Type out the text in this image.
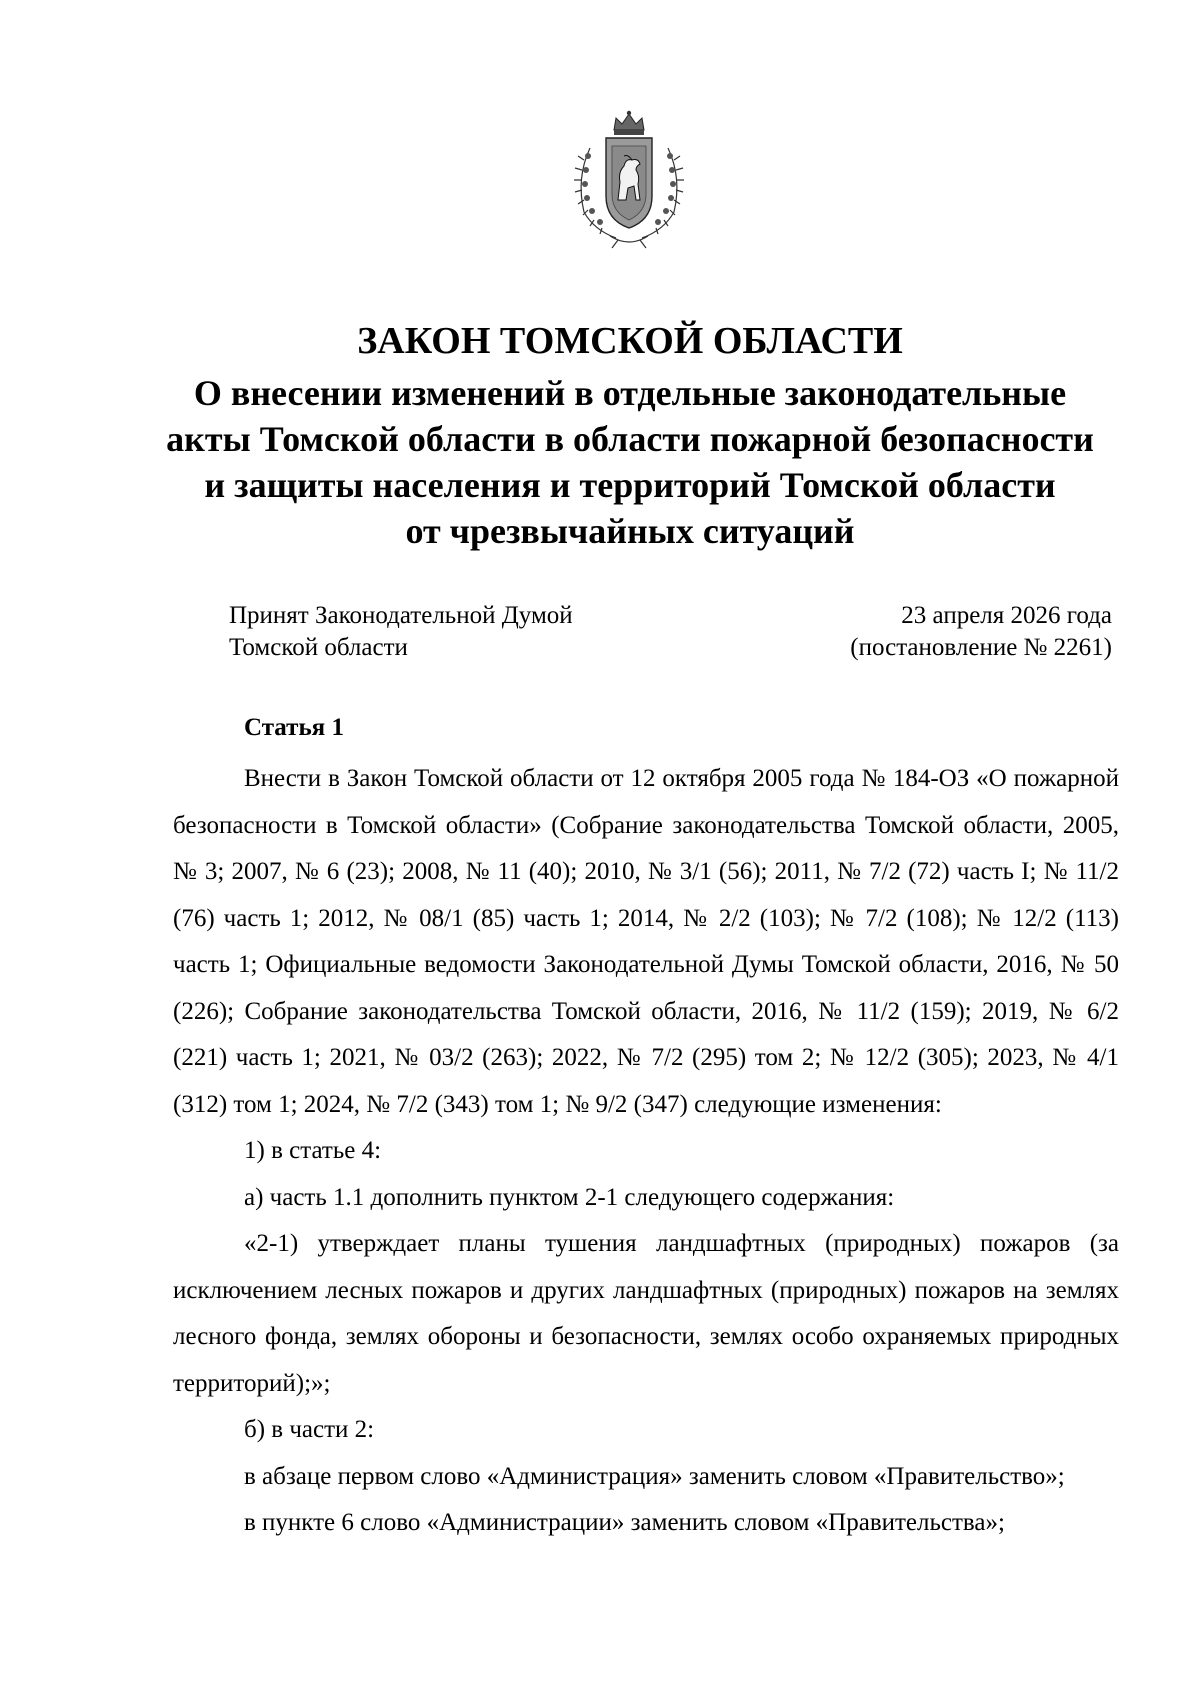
ЗАКОН ТОМСКОЙ ОБЛАСТИ

О внесении изменений в отдельные законодательные
акты Томской области в области пожарной безопасности
и защиты населения и территорий Томской области
от чрезвычайных ситуаций

Принят Законодательной Думой
Томской области
23 апреля 2026 года
(постановление № 2261)
Статья 1

Внести в Закон Томской области от 12 октября 2005 года № 184-ОЗ «О пожарной безопасности в Томской области» (Собрание законодательства Томской области, 2005, № 3; 2007, № 6 (23); 2008, № 11 (40); 2010, № 3/1 (56); 2011, № 7/2 (72) часть I; № 11/2 (76) часть 1; 2012, № 08/1 (85) часть 1; 2014, № 2/2 (103); № 7/2 (108); № 12/2 (113) часть 1; Официальные ведомости Законодательной Думы Томской области, 2016, № 50 (226); Собрание законодательства Томской области, 2016, № 11/2 (159); 2019, № 6/2 (221) часть 1; 2021, № 03/2 (263); 2022, № 7/2 (295) том 2; № 12/2 (305); 2023, № 4/1 (312) том 1; 2024, № 7/2 (343) том 1; № 9/2 (347) следующие изменения:

1) в статье 4:

а) часть 1.1 дополнить пунктом 2-1 следующего содержания:

«2-1) утверждает планы тушения ландшафтных (природных) пожаров (за исключением лесных пожаров и других ландшафтных (природных) пожаров на землях лесного фонда, землях обороны и безопасности, землях особо охраняемых природных территорий);»;

б) в части 2:

в абзаце первом слово «Администрация» заменить словом «Правительство»;

в пункте 6 слово «Администрации» заменить словом «Правительства»;
